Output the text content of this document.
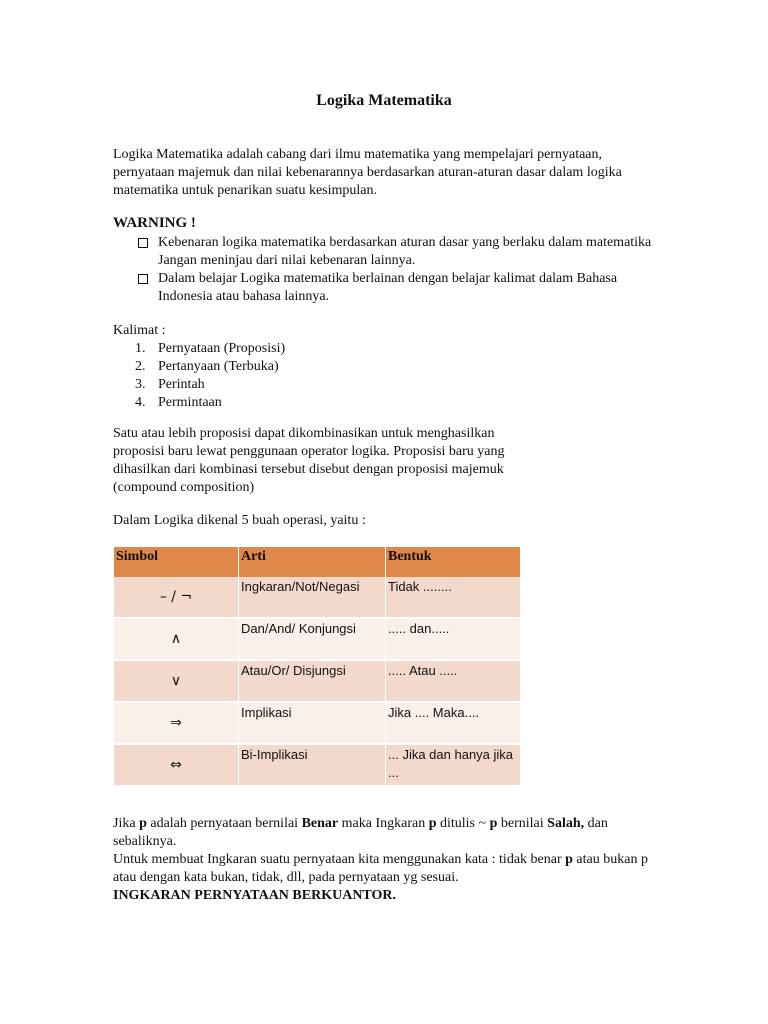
Logika Matematika
Logika Matematika adalah cabang dari ilmu matematika yang mempelajari pernyataan, pernyataan majemuk dan nilai kebenarannya berdasarkan aturan-aturan dasar dalam logika matematika untuk penarikan suatu kesimpulan.
WARNING !
Kebenaran logika matematika berdasarkan aturan dasar yang berlaku dalam matematika Jangan meninjau dari nilai kebenaran lainnya.
Dalam belajar Logika matematika berlainan dengan belajar kalimat dalam Bahasa Indonesia atau bahasa lainnya.
Kalimat :
1. Pernyataan (Proposisi)
2. Pertanyaan (Terbuka)
3. Perintah
4. Permintaan
Satu atau lebih proposisi dapat dikombinasikan untuk menghasilkan proposisi baru lewat penggunaan operator logika. Proposisi baru yang dihasilkan dari kombinasi tersebut disebut dengan proposisi majemuk (compound composition)
Dalam Logika dikenal 5 buah operasi, yaitu :
Simbol	Arti	Bentuk
– / ¬	Ingkaran/Not/Negasi	Tidak ........
∧	Dan/And/ Konjungsi	..... dan.....
∨	Atau/Or/ Disjungsi	..... Atau .....
⇒	Implikasi	Jika .... Maka....
⇔	Bi-Implikasi	... Jika dan hanya jika ...
Jika p adalah pernyataan bernilai Benar maka Ingkaran p ditulis ~ p bernilai Salah, dan sebaliknya.
Untuk membuat Ingkaran suatu pernyataan kita menggunakan kata : tidak benar p atau bukan p atau dengan kata bukan, tidak, dll, pada pernyataan yg sesuai.
INGKARAN PERNYATAAN BERKUANTOR.
